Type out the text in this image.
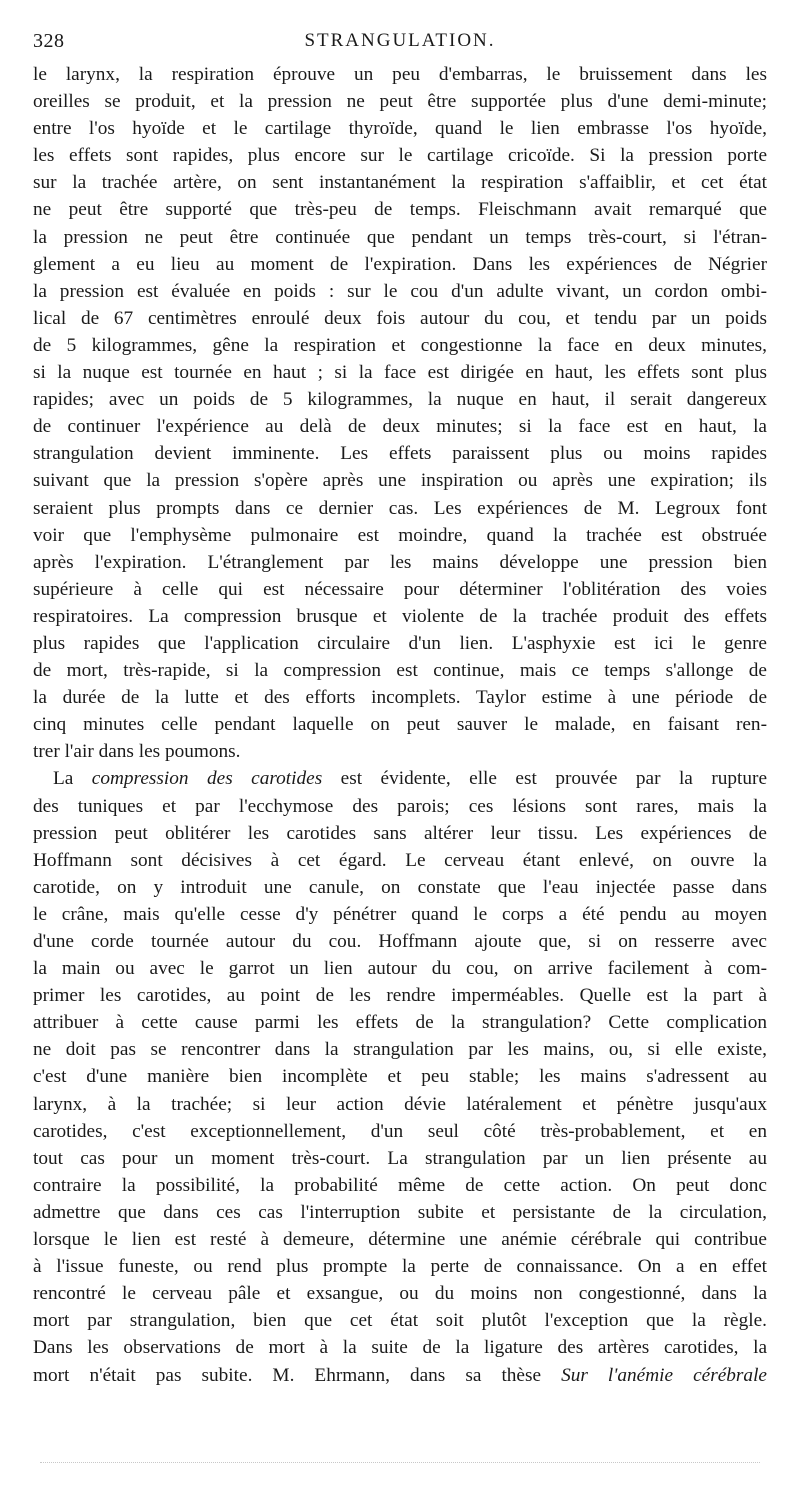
328	STRANGULATION.
le larynx, la respiration éprouve un peu d'embarras, le bruissement dans les
oreilles se produit, et la pression ne peut être supportée plus d'une demi-minute;
entre l'os hyoïde et le cartilage thyroïde, quand le lien embrasse l'os hyoïde,
les effets sont rapides, plus encore sur le cartilage cricoïde. Si la pression porte
sur la trachée artère, on sent instantanément la respiration s'affaiblir, et cet état
ne peut être supporté que très-peu de temps. Fleischmann avait remarqué que
la pression ne peut être continuée que pendant un temps très-court, si l'étran-
glement a eu lieu au moment de l'expiration. Dans les expériences de Négrier
la pression est évaluée en poids : sur le cou d'un adulte vivant, un cordon ombi-
lical de 67 centimètres enroulé deux fois autour du cou, et tendu par un poids
de 5 kilogrammes, gêne la respiration et congestionne la face en deux minutes,
si la nuque est tournée en haut ; si la face est dirigée en haut, les effets sont plus
rapides; avec un poids de 5 kilogrammes, la nuque en haut, il serait dangereux
de continuer l'expérience au delà de deux minutes; si la face est en haut, la
strangulation devient imminente. Les effets paraissent plus ou moins rapides
suivant que la pression s'opère après une inspiration ou après une expiration; ils
seraient plus prompts dans ce dernier cas. Les expériences de M. Legroux font
voir que l'emphysème pulmonaire est moindre, quand la trachée est obstruée
après l'expiration. L'étranglement par les mains développe une pression bien
supérieure à celle qui est nécessaire pour déterminer l'oblitération des voies
respiratoires. La compression brusque et violente de la trachée produit des effets
plus rapides que l'application circulaire d'un lien. L'asphyxie est ici le genre
de mort, très-rapide, si la compression est continue, mais ce temps s'allonge de
la durée de la lutte et des efforts incomplets. Taylor estime à une période de
cinq minutes celle pendant laquelle on peut sauver le malade, en faisant ren-
trer l'air dans les poumons.
La compression des carotides est évidente, elle est prouvée par la rupture
des tuniques et par l'ecchymose des parois; ces lésions sont rares, mais la
pression peut oblitérer les carotides sans altérer leur tissu. Les expériences de
Hoffmann sont décisives à cet égard. Le cerveau étant enlevé, on ouvre la
carotide, on y introduit une canule, on constate que l'eau injectée passe dans
le crâne, mais qu'elle cesse d'y pénétrer quand le corps a été pendu au moyen
d'une corde tournée autour du cou. Hoffmann ajoute que, si on resserre avec
la main ou avec le garrot un lien autour du cou, on arrive facilement à com-
primer les carotides, au point de les rendre imperméables. Quelle est la part à
attribuer à cette cause parmi les effets de la strangulation? Cette complication
ne doit pas se rencontrer dans la strangulation par les mains, ou, si elle existe,
c'est d'une manière bien incomplète et peu stable; les mains s'adressent au
larynx, à la trachée; si leur action dévie latéralement et pénètre jusqu'aux
carotides, c'est exceptionnellement, d'un seul côté très-probablement, et en
tout cas pour un moment très-court. La strangulation par un lien présente au
contraire la possibilité, la probabilité même de cette action. On peut donc
admettre que dans ces cas l'interruption subite et persistante de la circulation,
lorsque le lien est resté à demeure, détermine une anémie cérébrale qui contribue
à l'issue funeste, ou rend plus prompte la perte de connaissance. On a en effet
rencontré le cerveau pâle et exsangue, ou du moins non congestionné, dans la
mort par strangulation, bien que cet état soit plutôt l'exception que la règle.
Dans les observations de mort à la suite de la ligature des artères carotides, la
mort n'était pas subite. M. Ehrmann, dans sa thèse Sur l'anémie cérébrale
